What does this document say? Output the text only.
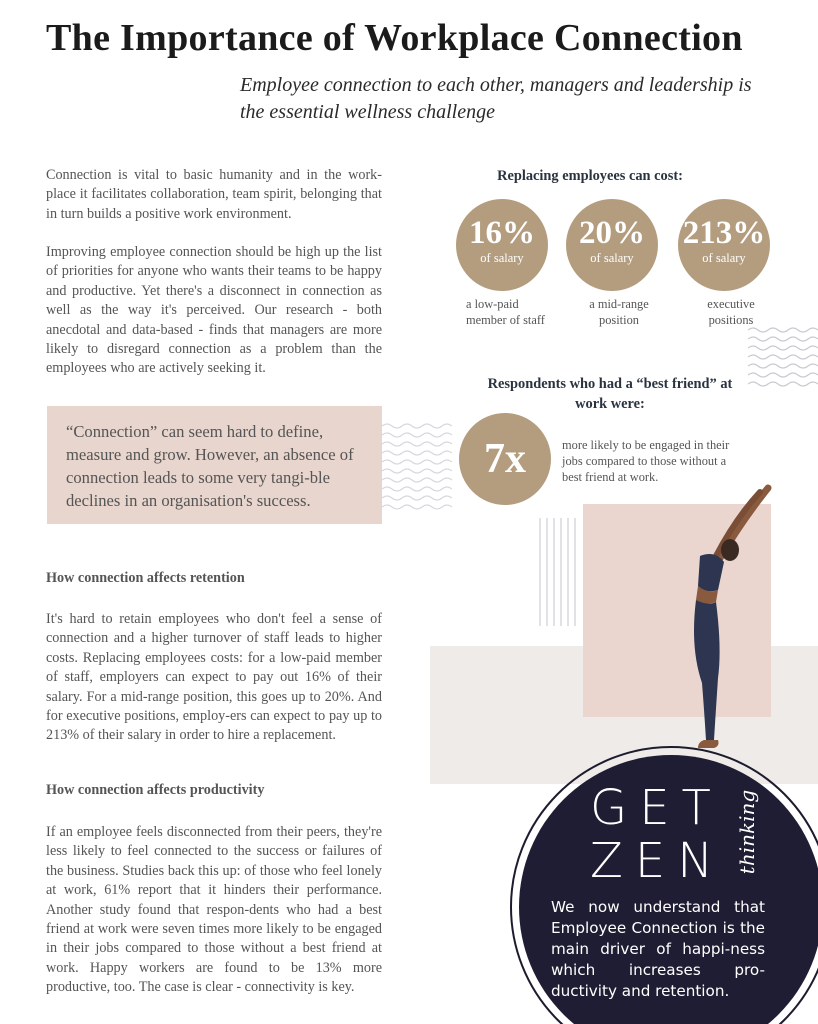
The Importance of Workplace Connection
Employee connection to each other, managers and leadership is the essential wellness challenge

Connection is vital to basic humanity and in the work-place it facilitates collaboration, team spirit, belonging that in turn builds a positive work environment.

Improving employee connection should be high up the list of priorities for anyone who wants their teams to be happy and productive. Yet there's a disconnect in connection as well as the way it's perceived. Our research - both anecdotal and data-based - finds that managers are more likely to disregard connection as a problem than the employees who are actively seeking it.

“Connection” can seem hard to define, measure and grow. However, an absence of connection leads to some very tangi-ble declines in an organisation's success.
How connection affects retention

It's hard to retain employees who don't feel a sense of connection and a higher turnover of staff leads to higher costs. Replacing employees costs: for a low-paid member of staff, employers can expect to pay out 16% of their salary. For a mid-range position, this goes up to 20%. And for executive positions, employ-ers can expect to pay up to 213% of their salary in order to hire a replacement.

How connection affects productivity

If an employee feels disconnected from their peers, they're less likely to feel connected to the success or failures of the business. Studies back this up: of those who feel lonely at work, 61% report that it hinders their performance. Another study found that respon-dents who had a best friend at work were seven times more likely to be engaged in their jobs compared to those without a best friend at work. Happy workers are found to be 13% more productive, too. The case is clear - connectivity is key.

Replacing employees can cost:
16%
of salary
20%
of salary
213%
of salary
a low-paid member of staff
a mid-range position
executive positions
Respondents who had a “best friend” at work were:
7x	more likely to be engaged in their jobs compared to those without a best friend at work.
GET
ZEN thinking
We now understand that Employee Connection is the main driver of happi-ness which increases pro-ductivity and retention.
